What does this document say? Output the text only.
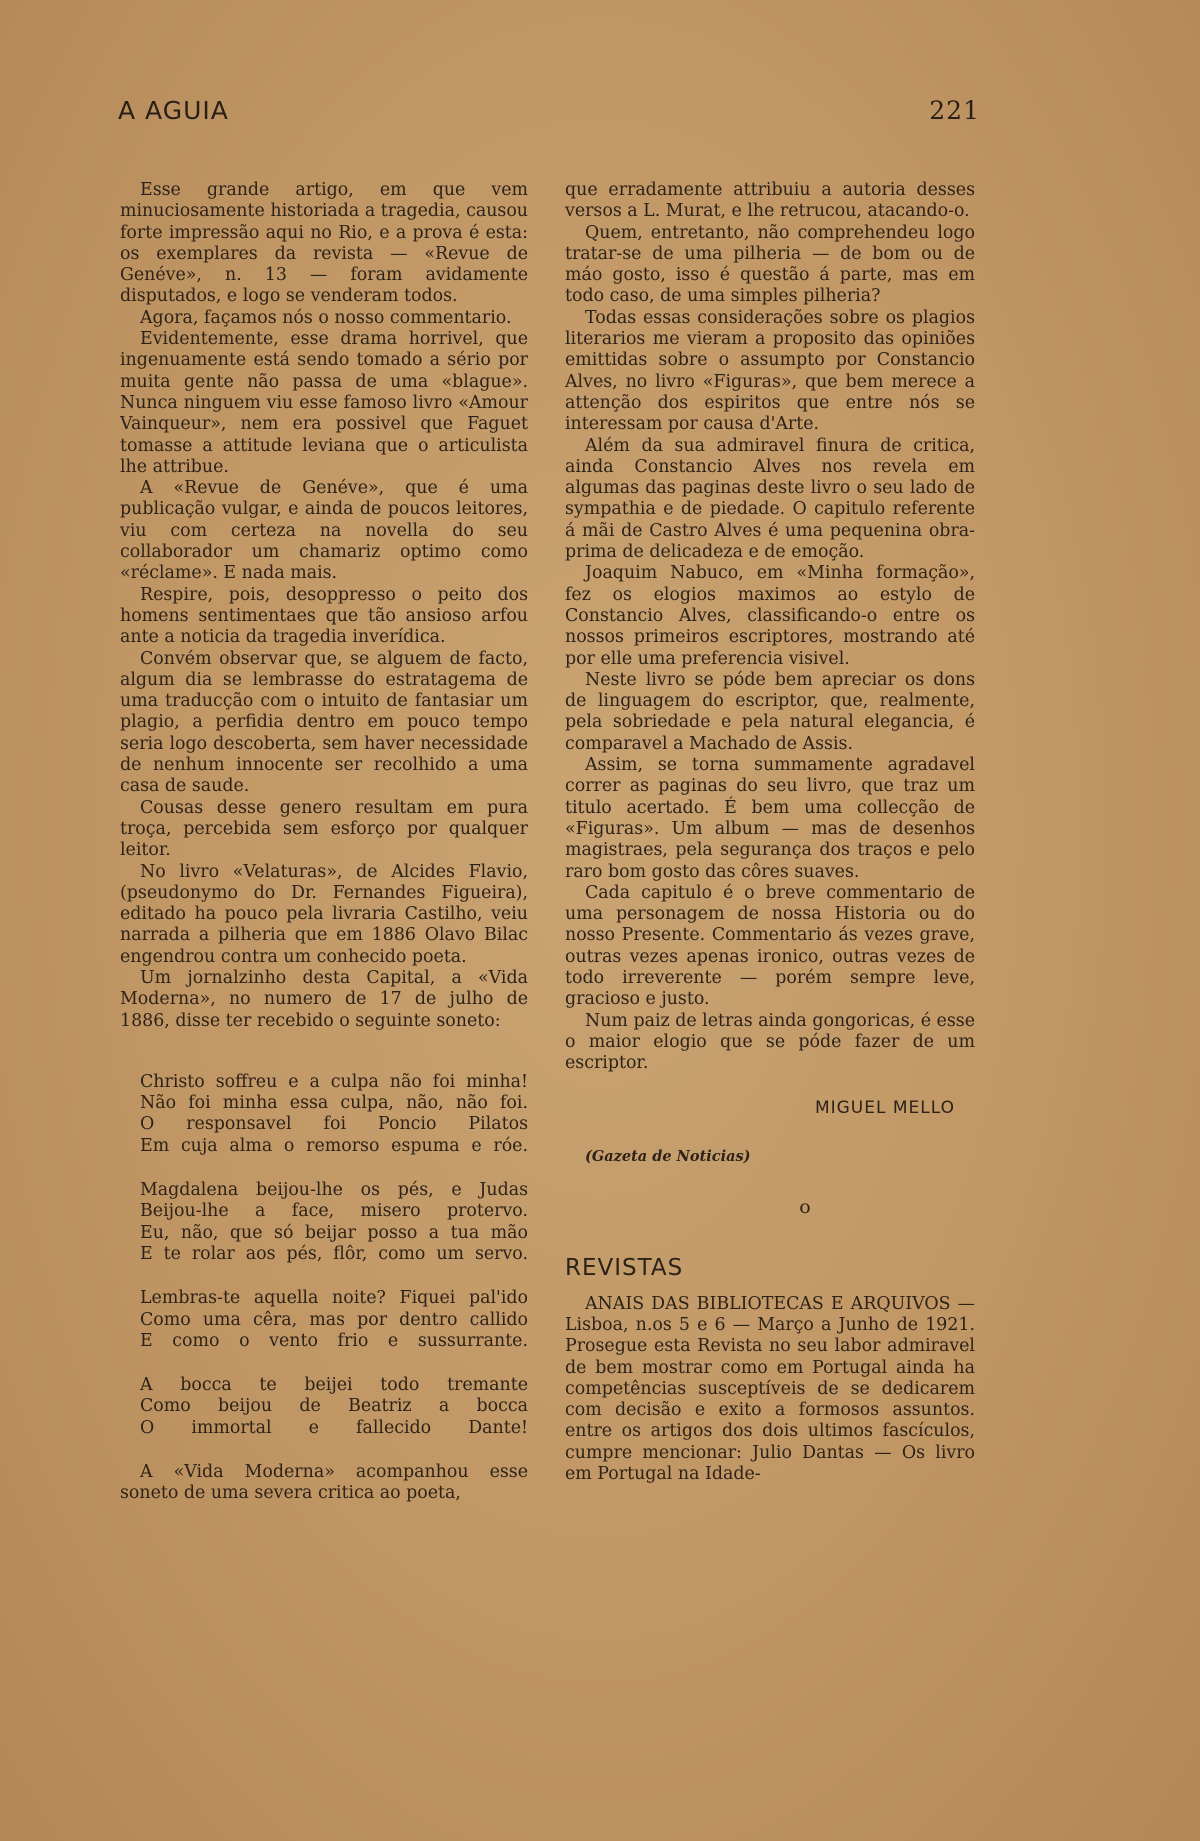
A AGUIA	221

Esse grande artigo, em que vem minuciosamente historiada a tragedia, causou forte impressão aqui no Rio, e a prova é esta: os exemplares da revista — «Revue de Genéve», n. 13 — foram avidamente disputados, e logo se venderam todos.

Agora, façamos nós o nosso commentario.

Evidentemente, esse drama horrivel, que ingenuamente está sendo tomado a sério por muita gente não passa de uma «blague». Nunca ninguem viu esse famoso livro «Amour Vainqueur», nem era possivel que Faguet tomasse a attitude leviana que o articulista lhe attribue.

A «Revue de Genéve», que é uma publicação vulgar, e ainda de poucos leitores, viu com certeza na novella do seu collaborador um chamariz optimo como «réclame». E nada mais.

Respire, pois, desoppresso o peito dos homens sentimentaes que tão ansioso arfou ante a noticia da tragedia inverídica.

Convém observar que, se alguem de facto, algum dia se lembrasse do estratagema de uma traducção com o intuito de fantasiar um plagio, a perfidia dentro em pouco tempo seria logo descoberta, sem haver necessidade de nenhum innocente ser recolhido a uma casa de saude.

Cousas desse genero resultam em pura troça, percebida sem esforço por qualquer leitor.

No livro «Velaturas», de Alcides Flavio, (pseudonymo do Dr. Fernandes Figueira), editado ha pouco pela livraria Castilho, veiu narrada a pilheria que em 1886 Olavo Bilac engendrou contra um conhecido poeta.

Um jornalzinho desta Capital, a «Vida Moderna», no numero de 17 de julho de 1886, disse ter recebido o seguinte soneto:

Christo soffreu e a culpa não foi minha!

Não foi minha essa culpa, não, não foi.

O responsavel foi Poncio Pilatos

Em cuja alma o remorso espuma e róe.

Magdalena beijou-lhe os pés, e Judas

Beijou-lhe a face, misero protervo.

Eu, não, que só beijar posso a tua mão

E te rolar aos pés, flôr, como um servo.

Lembras-te aquella noite? Fiquei pal'ido

Como uma cêra, mas por dentro callido

E como o vento frio e sussurrante.

A bocca te beijei todo tremante

Como beijou de Beatriz a bocca

O immortal e fallecido Dante!

A «Vida Moderna» acompanhou esse soneto de uma severa critica ao poeta,

que erradamente attribuiu a autoria desses versos a L. Murat, e lhe retrucou, atacando-o.

Quem, entretanto, não comprehendeu logo tratar-se de uma pilheria — de bom ou de máo gosto, isso é questão á parte, mas em todo caso, de uma simples pilheria?

Todas essas considerações sobre os plagios literarios me vieram a proposito das opiniões emittidas sobre o assumpto por Constancio Alves, no livro «Figuras», que bem merece a attenção dos espiritos que entre nós se interessam por causa d'Arte.

Além da sua admiravel finura de critica, ainda Constancio Alves nos revela em algumas das paginas deste livro o seu lado de sympathia e de piedade. O capitulo referente á mãi de Castro Alves é uma pequenina obra-prima de delicadeza e de emoção.

Joaquim Nabuco, em «Minha formação», fez os elogios maximos ao estylo de Constancio Alves, classificando-o entre os nossos primeiros escriptores, mostrando até por elle uma preferencia visivel.

Neste livro se póde bem apreciar os dons de linguagem do escriptor, que, realmente, pela sobriedade e pela natural elegancia, é comparavel a Machado de Assis.

Assim, se torna summamente agradavel correr as paginas do seu livro, que traz um titulo acertado. É bem uma collecção de «Figuras». Um album — mas de desenhos magistraes, pela segurança dos traços e pelo raro bom gosto das côres suaves.

Cada capitulo é o breve commentario de uma personagem de nossa Historia ou do nosso Presente. Commentario ás vezes grave, outras vezes apenas ironico, outras vezes de todo irreverente — porém sempre leve, gracioso e justo.

Num paiz de letras ainda gongoricas, é esse o maior elogio que se póde fazer de um escriptor.

MIGUEL MELLO

(Gazeta de Noticias)

o

REVISTAS

ANAIS DAS BIBLIOTECAS E ARQUIVOS — Lisboa, n.os 5 e 6 — Março a Junho de 1921. Prosegue esta Revista no seu labor admiravel de bem mostrar como em Portugal ainda ha competências susceptíveis de se dedicarem com decisão e exito a formosos assuntos. entre os artigos dos dois ultimos fascículos, cumpre mencionar: Julio Dantas — Os livro em Portugal na Idade-
